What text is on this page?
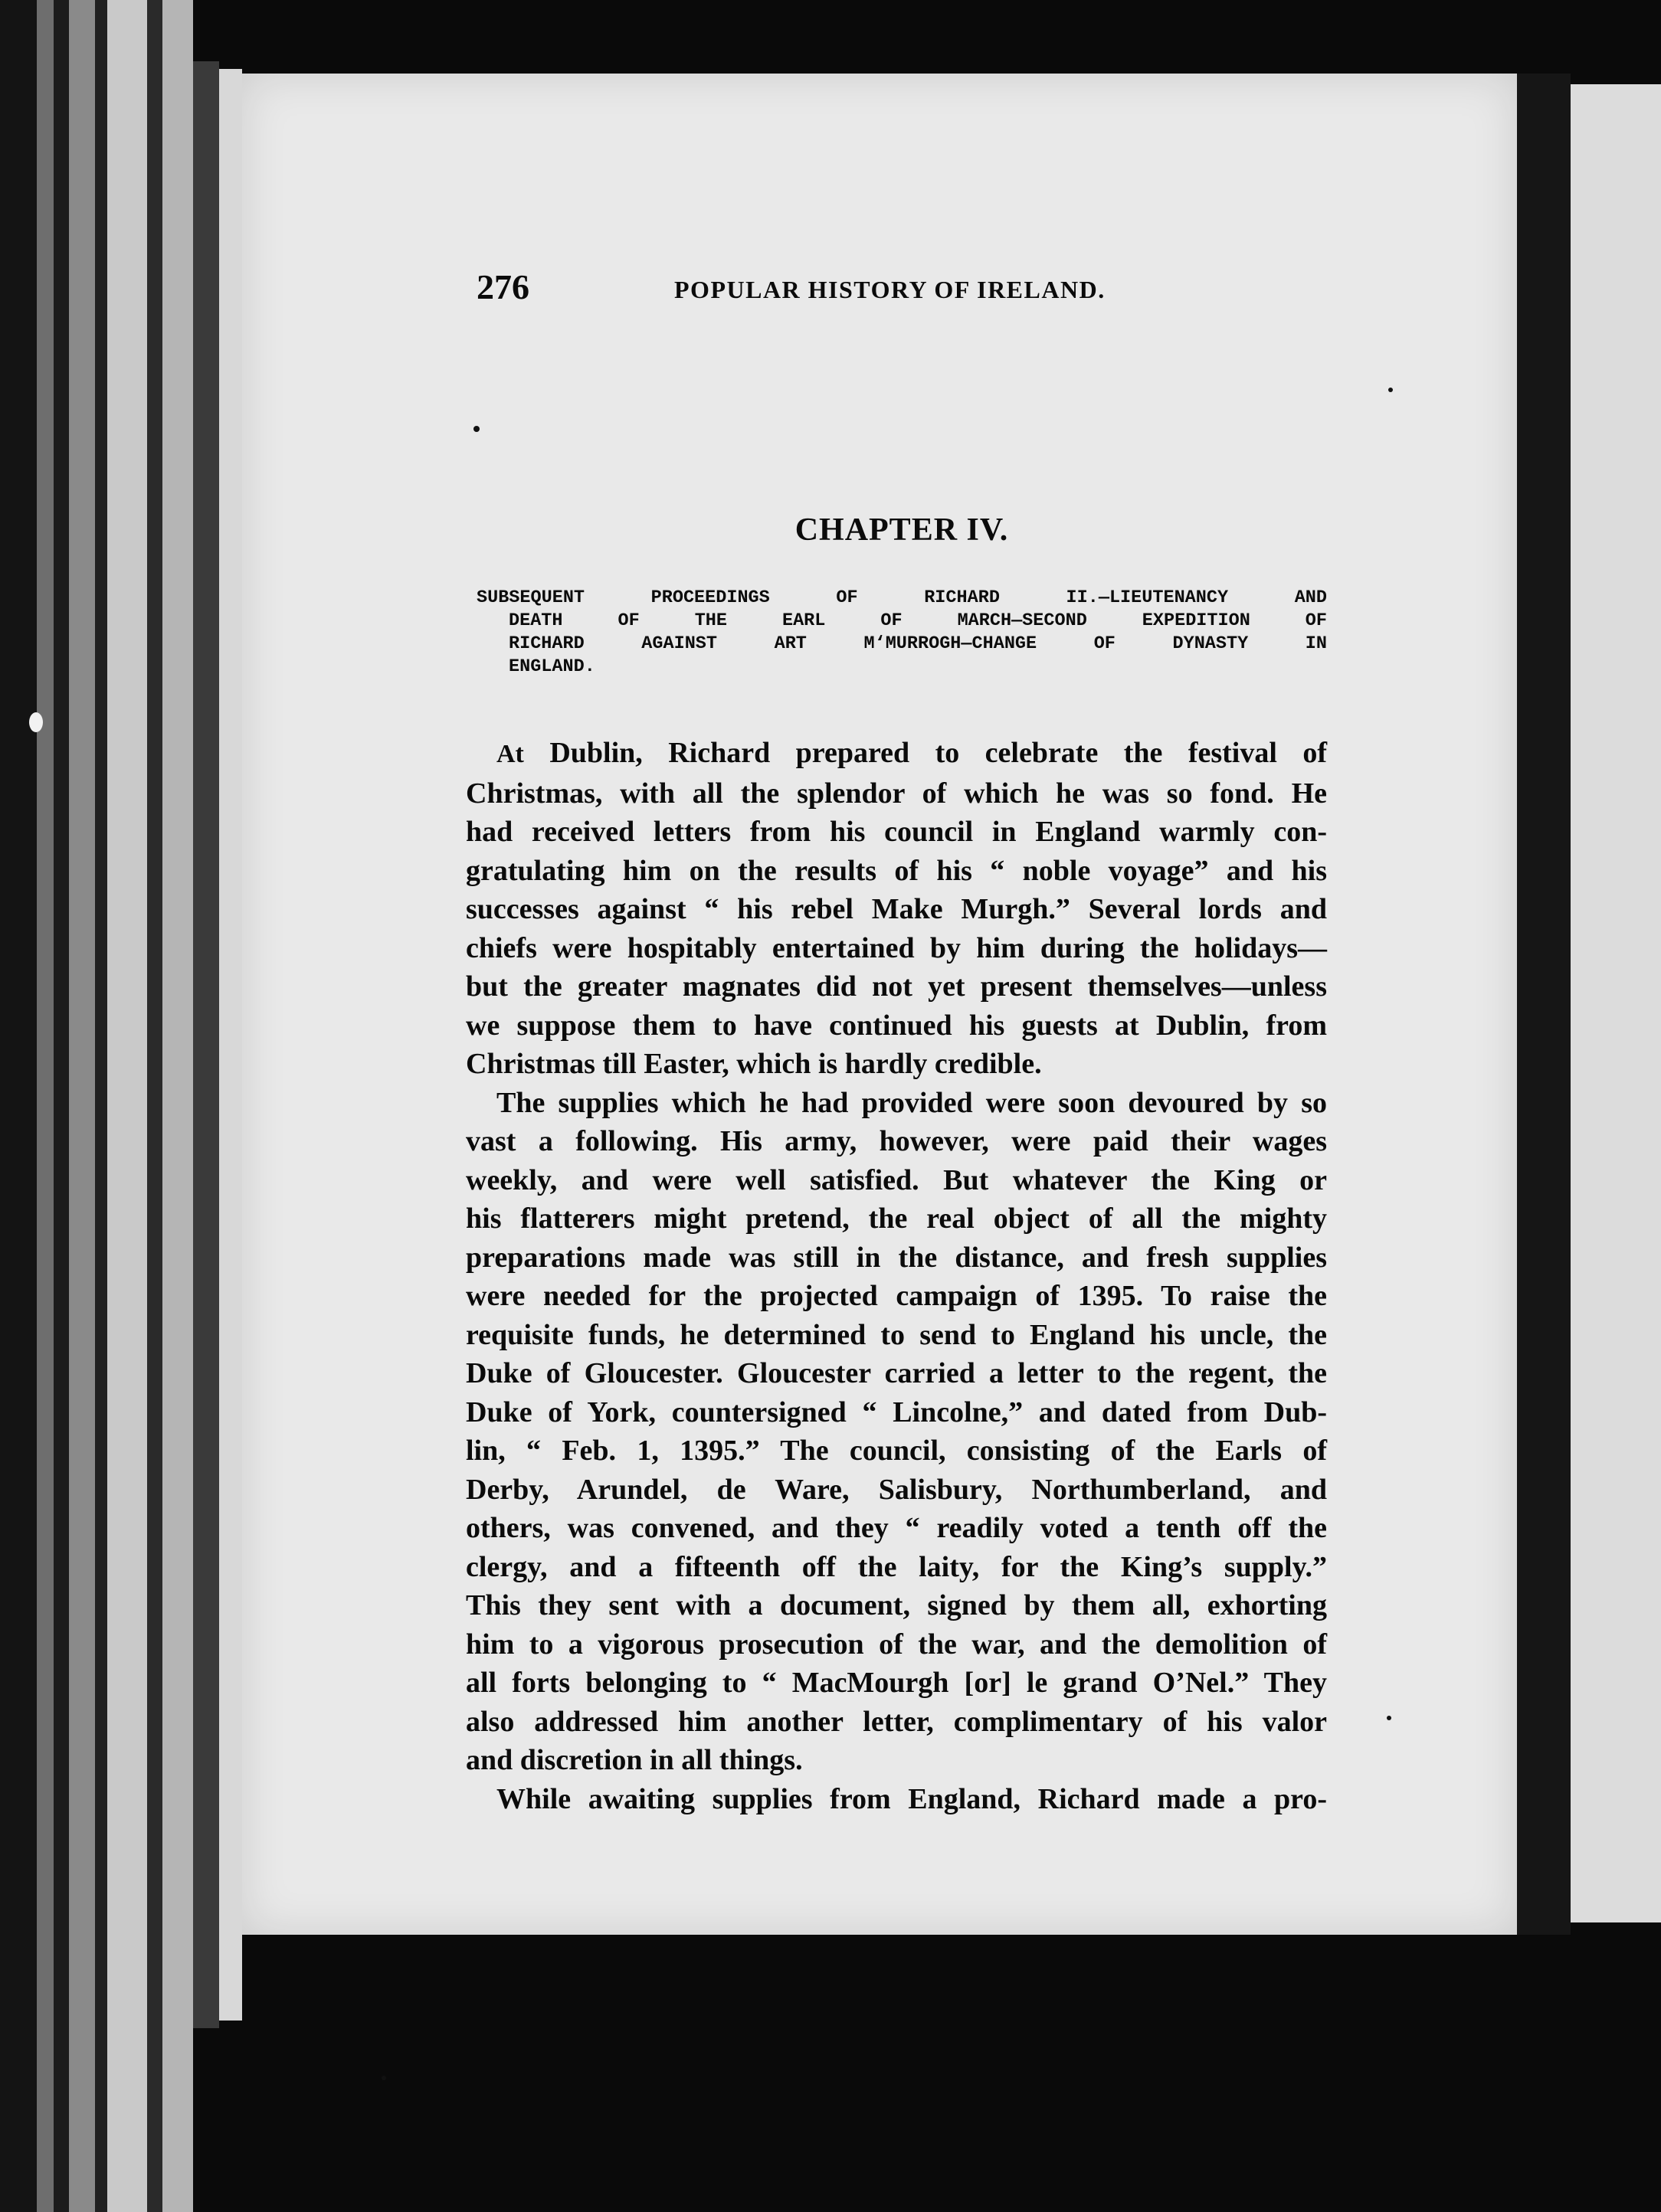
276	POPULAR HISTORY OF IRELAND.
CHAPTER IV.
SUBSEQUENT PROCEEDINGS OF RICHARD II.—LIEUTENANCY AND
DEATH OF THE EARL OF MARCH—SECOND EXPEDITION OF
RICHARD AGAINST ART M‘MURROGH—CHANGE OF DYNASTY IN
ENGLAND.
At Dublin, Richard prepared to celebrate the festival of
Christmas, with all the splendor of which he was so fond. He
had received letters from his council in England warmly con-
gratulating him on the results of his “ noble voyage” and his
successes against “ his rebel Make Murgh.” Several lords and
chiefs were hospitably entertained by him during the holidays—
but the greater magnates did not yet present themselves—unless
we suppose them to have continued his guests at Dublin, from
Christmas till Easter, which is hardly credible.
The supplies which he had provided were soon devoured by so
vast a following. His army, however, were paid their wages
weekly, and were well satisfied. But whatever the King or
his flatterers might pretend, the real object of all the mighty
preparations made was still in the distance, and fresh supplies
were needed for the projected campaign of 1395. To raise the
requisite funds, he determined to send to England his uncle, the
Duke of Gloucester. Gloucester carried a letter to the regent, the
Duke of York, countersigned “ Lincolne,” and dated from Dub-
lin, “ Feb. 1, 1395.” The council, consisting of the Earls of
Derby, Arundel, de Ware, Salisbury, Northumberland, and
others, was convened, and they “ readily voted a tenth off the
clergy, and a fifteenth off the laity, for the King’s supply.”
This they sent with a document, signed by them all, exhorting
him to a vigorous prosecution of the war, and the demolition of
all forts belonging to “ MacMourgh [or] le grand O’Nel.” They
also addressed him another letter, complimentary of his valor
and discretion in all things.
While awaiting supplies from England, Richard made a pro-
